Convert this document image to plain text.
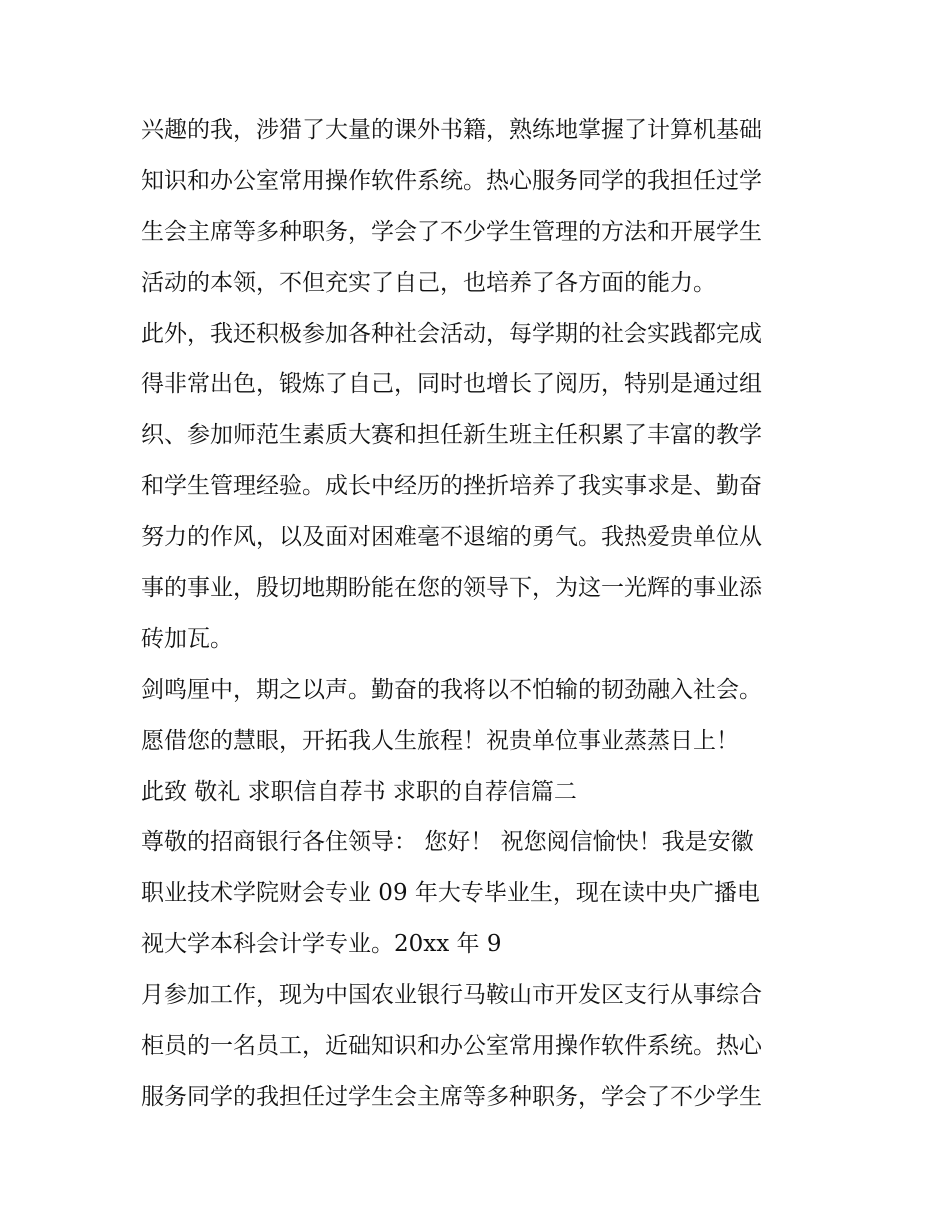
兴趣的我，涉猎了大量的课外书籍，熟练地掌握了计算机基础
知识和办公室常用操作软件系统。热心服务同学的我担任过学
生会主席等多种职务，学会了不少学生管理的方法和开展学生
活动的本领，不但充实了自己，也培养了各方面的能力。
此外，我还积极参加各种社会活动，每学期的社会实践都完成
得非常出色，锻炼了自己，同时也增长了阅历，特别是通过组
织、参加师范生素质大赛和担任新生班主任积累了丰富的教学
和学生管理经验。成长中经历的挫折培养了我实事求是、勤奋
努力的作风，以及面对困难毫不退缩的勇气。我热爱贵单位从
事的事业，殷切地期盼能在您的领导下，为这一光辉的事业添
砖加瓦。
剑鸣厘中，期之以声。勤奋的我将以不怕输的韧劲融入社会。
愿借您的慧眼，开拓我人生旅程！祝贵单位事业蒸蒸日上！
此致 敬礼 求职信自荐书 求职的自荐信篇二
尊敬的招商银行各住领导： 您好！ 祝您阅信愉快！我是安徽
职业技术学院财会专业 09 年大专毕业生，现在读中央广播电
视大学本科会计学专业。20xx 年 9
月参加工作，现为中国农业银行马鞍山市开发区支行从事综合
柜员的一名员工，近础知识和办公室常用操作软件系统。热心
服务同学的我担任过学生会主席等多种职务，学会了不少学生
